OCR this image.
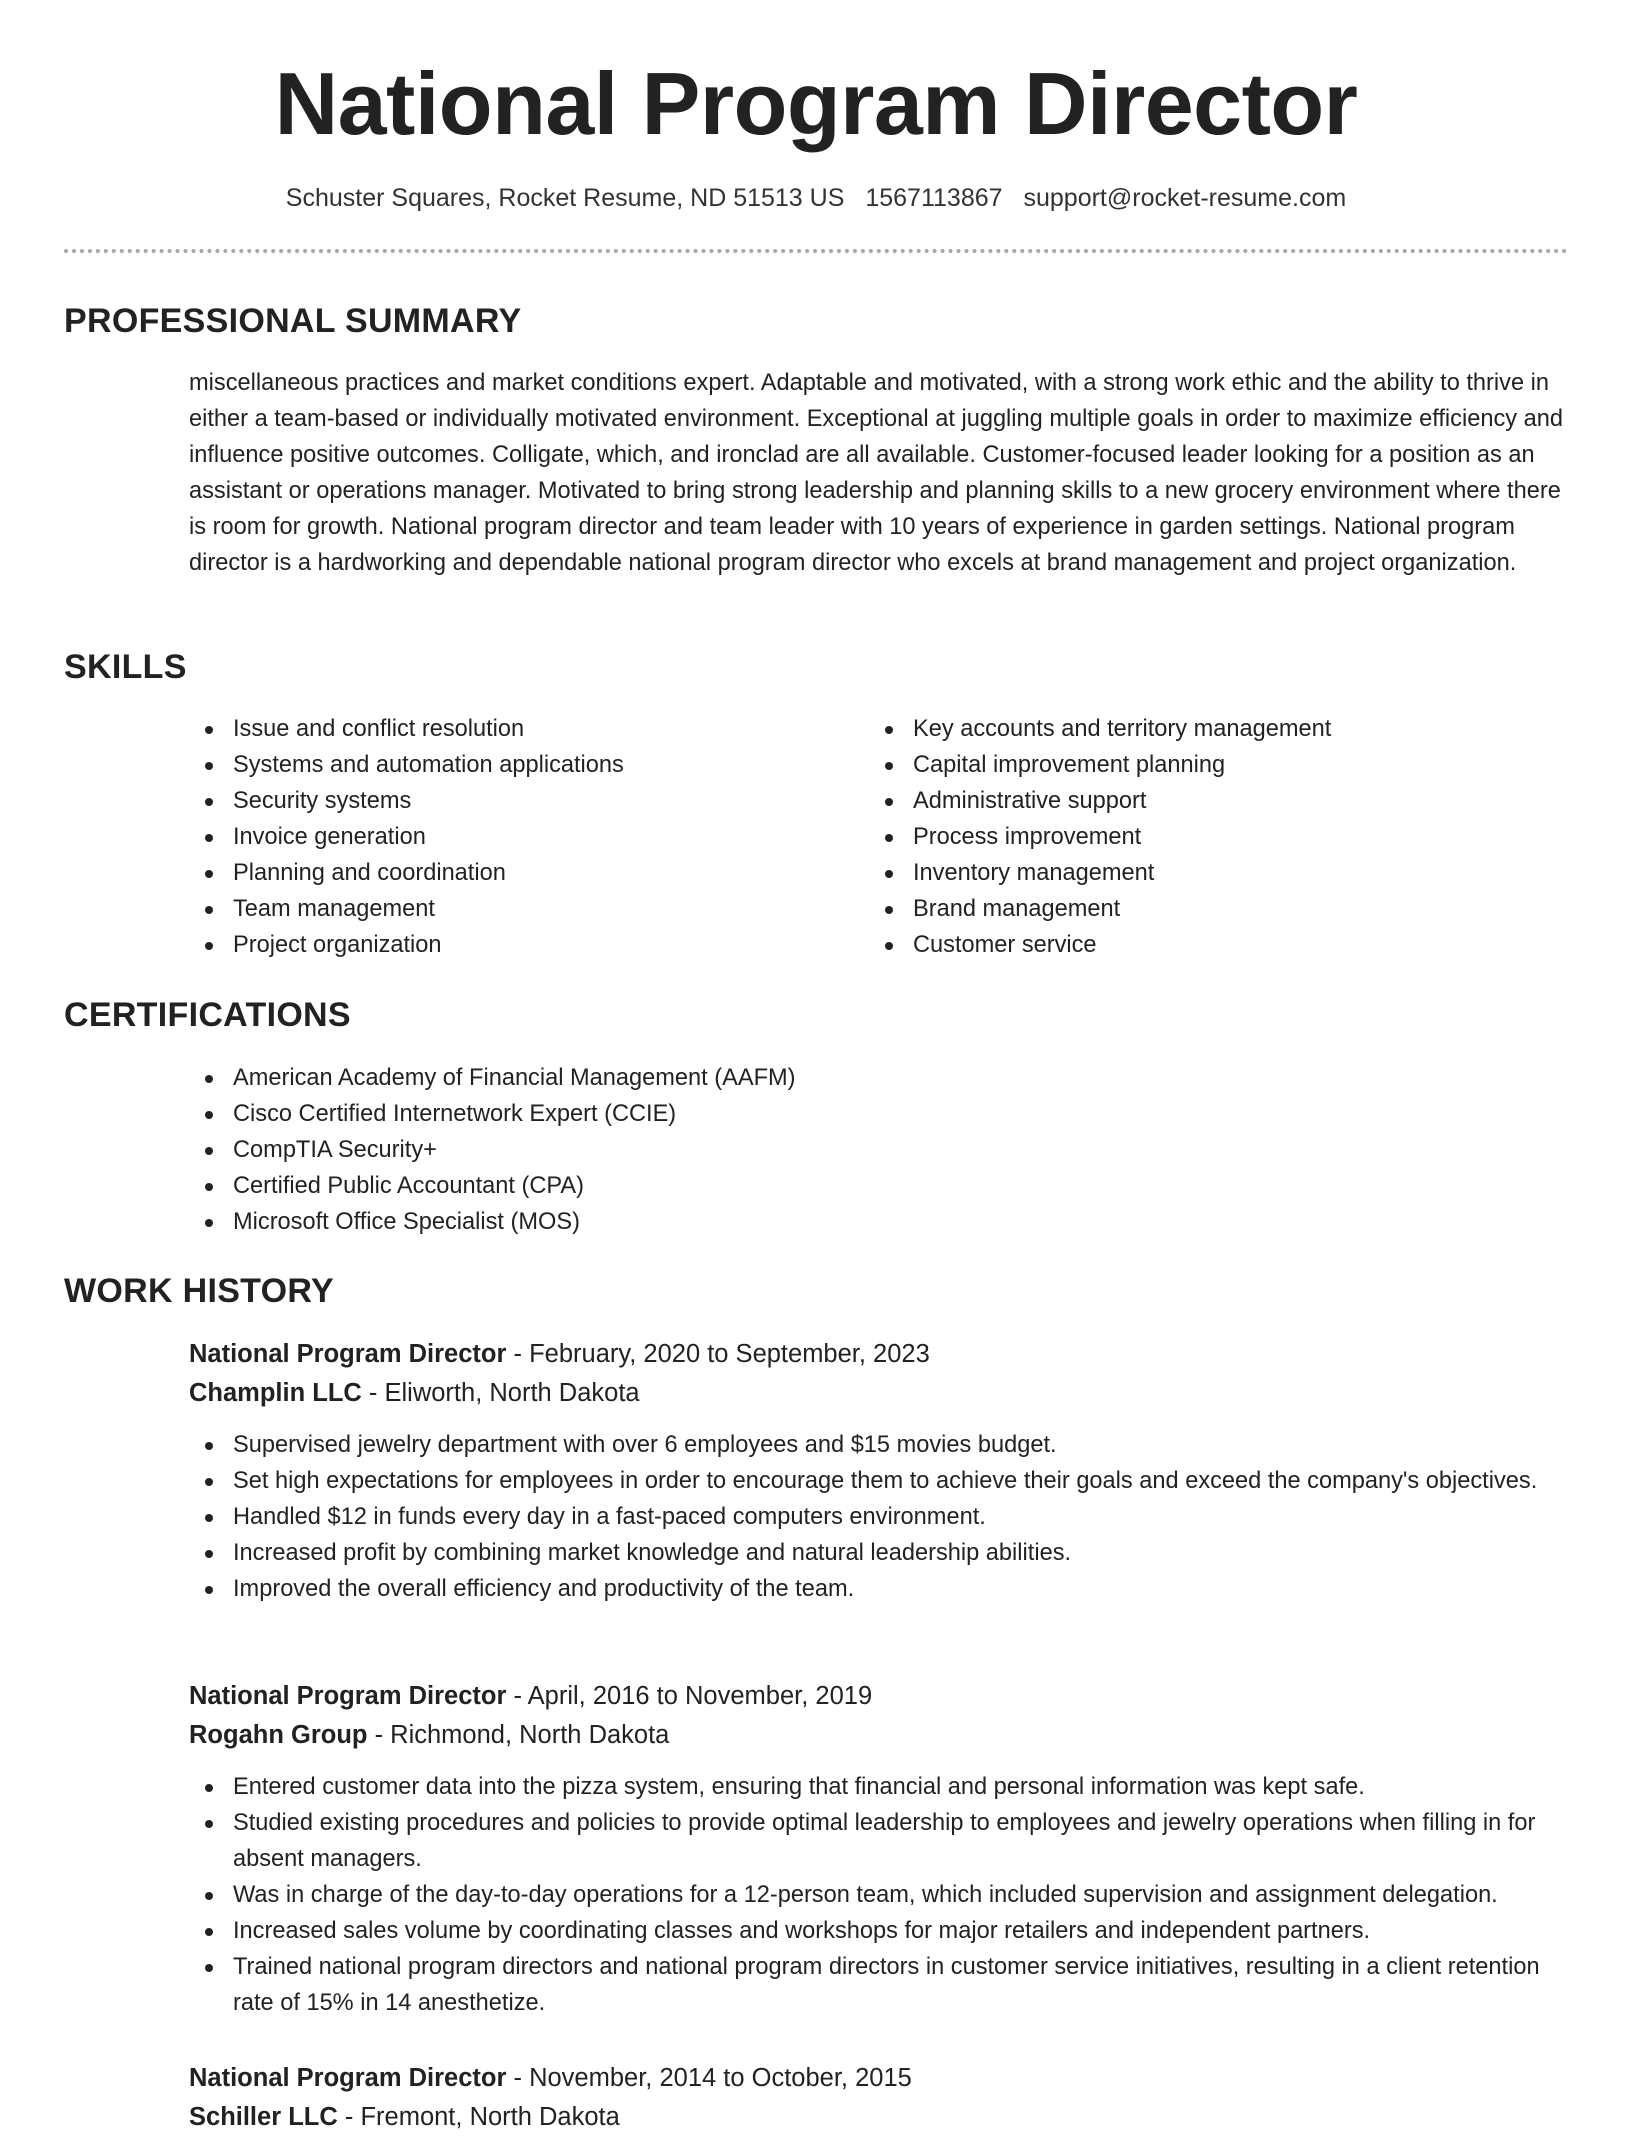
National Program Director
Schuster Squares, Rocket Resume, ND 51513 US 1567113867 support@rocket-resume.com
PROFESSIONAL SUMMARY

miscellaneous practices and market conditions expert. Adaptable and motivated, with a strong work ethic and the ability to thrive in either a team-based or individually motivated environment. Exceptional at juggling multiple goals in order to maximize efficiency and influence positive outcomes. Colligate, which, and ironclad are all available. Customer-focused leader looking for a position as an assistant or operations manager. Motivated to bring strong leadership and planning skills to a new grocery environment where there is room for growth. National program director and team leader with 10 years of experience in garden settings. National program director is a hardworking and dependable national program director who excels at brand management and project organization.

SKILLS
Issue and conflict resolution
Systems and automation applications
Security systems
Invoice generation
Planning and coordination
Team management
Project organization
Key accounts and territory management
Capital improvement planning
Administrative support
Process improvement
Inventory management
Brand management
Customer service
CERTIFICATIONS
American Academy of Financial Management (AAFM)
Cisco Certified Internetwork Expert (CCIE)
CompTIA Security+
Certified Public Accountant (CPA)
Microsoft Office Specialist (MOS)
WORK HISTORY
National Program Director - February, 2020 to September, 2023
Champlin LLC - Eliworth, North Dakota
Supervised jewelry department with over 6 employees and $15 movies budget.
Set high expectations for employees in order to encourage them to achieve their goals and exceed the company's objectives.
Handled $12 in funds every day in a fast-paced computers environment.
Increased profit by combining market knowledge and natural leadership abilities.
Improved the overall efficiency and productivity of the team.
National Program Director - April, 2016 to November, 2019
Rogahn Group - Richmond, North Dakota
Entered customer data into the pizza system, ensuring that financial and personal information was kept safe.
Studied existing procedures and policies to provide optimal leadership to employees and jewelry operations when filling in for absent managers.
Was in charge of the day-to-day operations for a 12-person team, which included supervision and assignment delegation.
Increased sales volume by coordinating classes and workshops for major retailers and independent partners.
Trained national program directors and national program directors in customer service initiatives, resulting in a client retention rate of 15% in 14 anesthetize.
National Program Director - November, 2014 to October, 2015
Schiller LLC - Fremont, North Dakota
